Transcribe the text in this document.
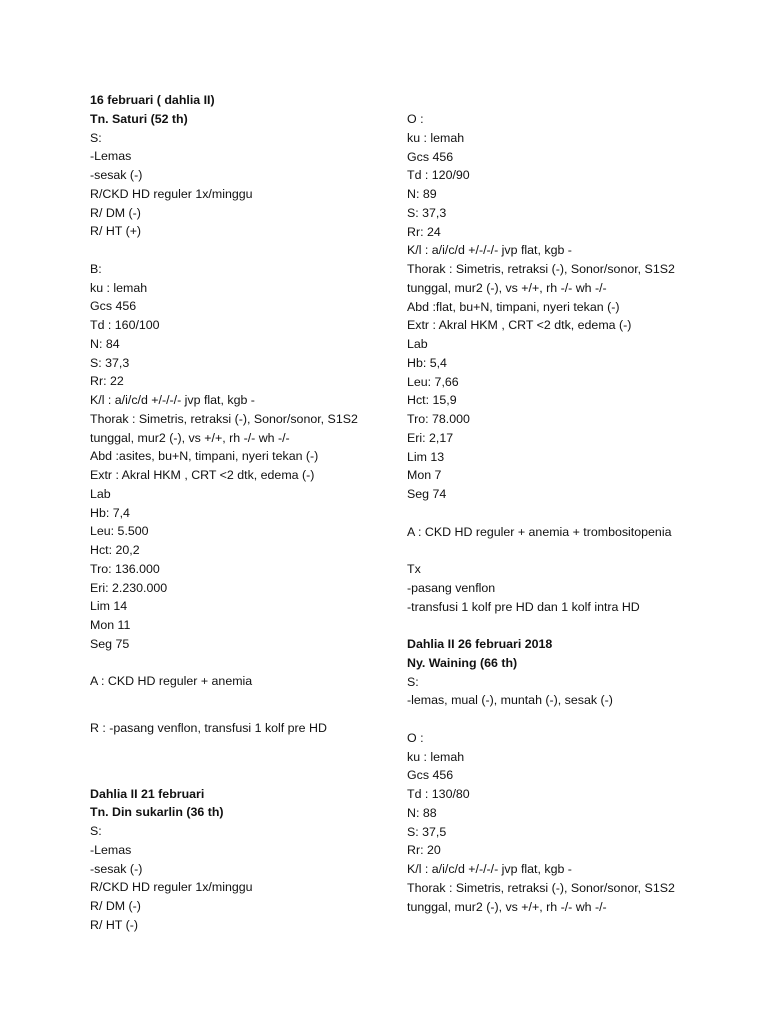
16 februari ( dahlia II)
Tn. Saturi (52 th)
S:
-Lemas
-sesak (-)
R/CKD HD reguler 1x/minggu
R/ DM (-)
R/ HT (+)
B:
ku : lemah
Gcs 456
Td : 160/100
N: 84
S: 37,3
Rr: 22
K/l : a/i/c/d +/-/-/- jvp flat, kgb -
Thorak : Simetris, retraksi (-), Sonor/sonor, S1S2
tunggal, mur2 (-), vs +/+, rh -/- wh -/-
Abd :asites, bu+N, timpani, nyeri tekan (-)
Extr : Akral HKM , CRT <2 dtk, edema (-)
Lab
Hb: 7,4
Leu: 5.500
Hct: 20,2
Tro: 136.000
Eri: 2.230.000
Lim 14
Mon 11
Seg 75
A : CKD HD reguler + anemia
R : -pasang venflon, transfusi 1 kolf pre HD
Dahlia II 21 februari
Tn. Din sukarlin (36 th)
S:
-Lemas
-sesak (-)
R/CKD HD reguler 1x/minggu
R/ DM (-)
R/ HT (-)
O :
ku : lemah
Gcs 456
Td : 120/90
N: 89
S: 37,3
Rr: 24
K/l : a/i/c/d +/-/-/- jvp flat, kgb -
Thorak : Simetris, retraksi (-), Sonor/sonor, S1S2
tunggal, mur2 (-), vs +/+, rh -/- wh -/-
Abd :flat, bu+N, timpani, nyeri tekan (-)
Extr : Akral HKM , CRT <2 dtk, edema (-)
Lab
Hb: 5,4
Leu: 7,66
Hct: 15,9
Tro: 78.000
Eri: 2,17
Lim 13
Mon 7
Seg 74
A : CKD HD reguler + anemia + trombositopenia
Tx
-pasang venflon
-transfusi 1 kolf pre HD dan 1 kolf intra HD
Dahlia II 26 februari 2018
Ny. Waining (66 th)
S:
-lemas, mual (-), muntah (-), sesak (-)
O :
ku : lemah
Gcs 456
Td : 130/80
N: 88
S: 37,5
Rr: 20
K/l : a/i/c/d +/-/-/- jvp flat, kgb -
Thorak : Simetris, retraksi (-), Sonor/sonor, S1S2
tunggal, mur2 (-), vs +/+, rh -/- wh -/-
